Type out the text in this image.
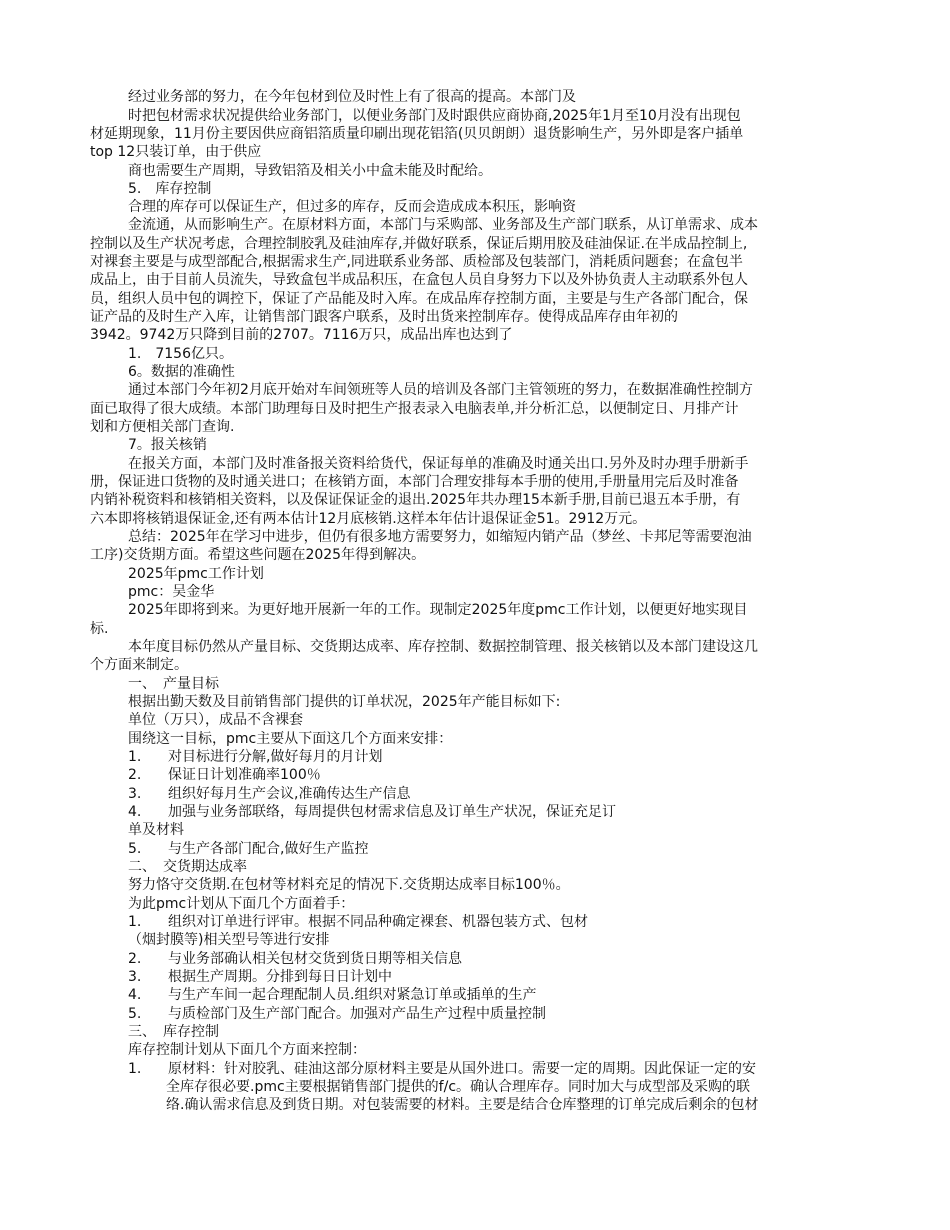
经过业务部的努力，在今年包材到位及时性上有了很高的提高。本部门及
时把包材需求状况提供给业务部门，以便业务部门及时跟供应商协商,2025年1月至10月没有出现包
材延期现象，11月份主要因供应商铝箔质量印刷出现花铝箔(贝贝朗朗）退货影响生产，另外即是客户插单
top 12只装订单，由于供应
商也需要生产周期，导致铝箔及相关小中盒未能及时配给。
5.　库存控制
合理的库存可以保证生产，但过多的库存，反而会造成成本积压，影响资
金流通，从而影响生产。在原材料方面，本部门与采购部、业务部及生产部门联系，从订单需求、成本
控制以及生产状况考虑，合理控制胶乳及硅油库存,并做好联系，保证后期用胶及硅油保证.在半成品控制上,
对裸套主要是与成型部配合,根据需求生产,同进联系业务部、质检部及包装部门，消耗质问题套；在盒包半
成品上，由于目前人员流失，导致盒包半成品积压，在盒包人员自身努力下以及外协负责人主动联系外包人
员，组织人员中包的调控下，保证了产品能及时入库。在成品库存控制方面，主要是与生产各部门配合，保
证产品的及时生产入库，让销售部门跟客户联系，及时出货来控制库存。使得成品库存由年初的
3942。9742万只降到目前的2707。7116万只，成品出库也达到了
1.　7156亿只。
6。数据的准确性
通过本部门今年初2月底开始对车间领班等人员的培训及各部门主管领班的努力，在数据准确性控制方
面已取得了很大成绩。本部门助理每日及时把生产报表录入电脑表单,并分析汇总，以便制定日、月排产计
划和方便相关部门查询.
7。报关核销
在报关方面，本部门及时准备报关资料给货代，保证每单的准确及时通关出口.另外及时办理手册新手
册，保证进口货物的及时通关进口；在核销方面，本部门合理安排每本手册的使用,手册量用完后及时准备
内销补税资料和核销相关资料，以及保证保证金的退出.2025年共办理15本新手册,目前已退五本手册，有
六本即将核销退保证金,还有两本估计12月底核销.这样本年估计退保证金51。2912万元。
总结：2025年在学习中进步，但仍有很多地方需要努力，如缩短内销产品（梦丝、卡邦尼等需要泡油
工序)交货期方面。希望这些问题在2025年得到解决。
2025年pmc工作计划
pmc：吴金华
2025年即将到来。为更好地开展新一年的工作。现制定2025年度pmc工作计划，以便更好地实现目
标.
本年度目标仍然从产量目标、交货期达成率、库存控制、数据控制管理、报关核销以及本部门建设这几
个方面来制定。
一、　产量目标
根据出勤天数及目前销售部门提供的订单状况，2025年产能目标如下:
单位（万只），成品不含裸套
围绕这一目标，pmc主要从下面这几个方面来安排：
1. 对目标进行分解,做好每月的月计划
2. 保证日计划准确率100％
3. 组织好每月生产会议,准确传达生产信息
4. 加强与业务部联络，每周提供包材需求信息及订单生产状况，保证充足订
单及材料
5. 与生产各部门配合,做好生产监控
二、　交货期达成率
努力恪守交货期.在包材等材料充足的情况下.交货期达成率目标100％。
为此pmc计划从下面几个方面着手：
1. 组织对订单进行评审。根据不同品种确定裸套、机器包装方式、包材
（烟封膜等)相关型号等进行安排
2. 与业务部确认相关包材交货到货日期等相关信息
3. 根据生产周期。分排到每日日计划中
4. 与生产车间一起合理配制人员.组织对紧急订单或插单的生产
5. 与质检部门及生产部门配合。加强对产品生产过程中质量控制
三、　库存控制
库存控制计划从下面几个方面来控制：
1. 原材料：针对胶乳、硅油这部分原材料主要是从国外进口。需要一定的周期。因此保证一定的安
全库存很必要.pmc主要根据销售部门提供的f/c。确认合理库存。同时加大与成型部及采购的联
络.确认需求信息及到货日期。对包装需要的材料。主要是结合仓库整理的订单完成后剩余的包材
